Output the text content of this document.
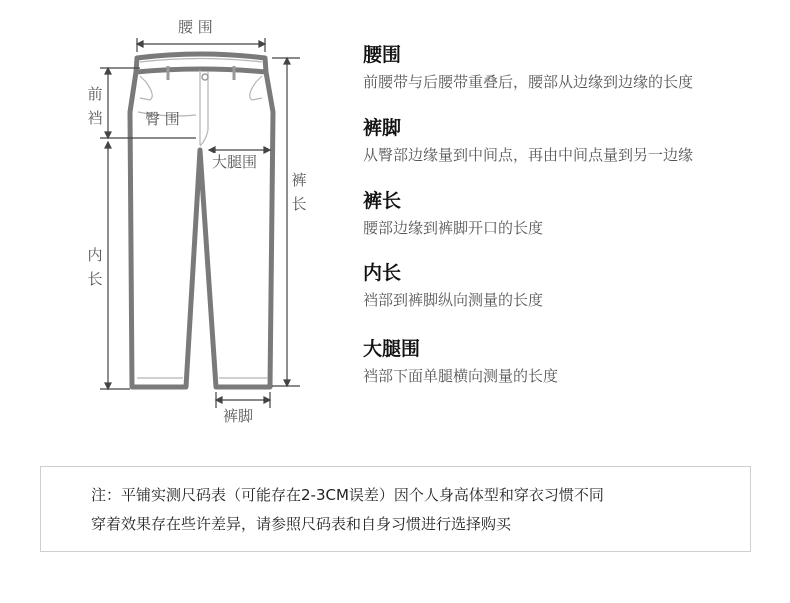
腰 围
前裆	臀 围
大腿围
裤长
内长
裤脚
腰围
前腰带与后腰带重叠后，腰部从边缘到边缘的长度
裤脚
从臀部边缘量到中间点，再由中间点量到另一边缘
裤长
腰部边缘到裤脚开口的长度
内长
裆部到裤脚纵向测量的长度
大腿围
裆部下面单腿横向测量的长度
注：平铺实测尺码表（可能存在2-3CM误差）因个人身高体型和穿衣习惯不同
穿着效果存在些许差异，请参照尺码表和自身习惯进行选择购买
